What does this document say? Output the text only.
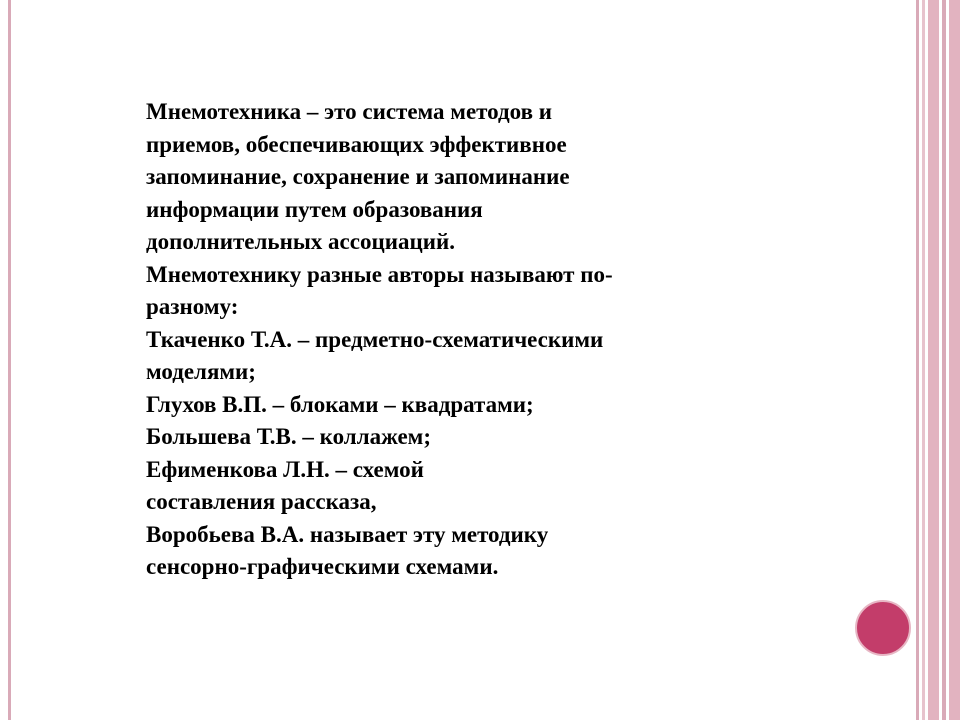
Мнемотехника – это система методов и
приемов, обеспечивающих эффективное
запоминание, сохранение и запоминание
информации путем образования
дополнительных ассоциаций.
Мнемотехнику разные авторы называют по-
разному:
Ткаченко Т.А. – предметно-схематическими
моделями;
Глухов В.П. – блоками – квадратами;
Большева Т.В. – коллажем;
Ефименкова Л.Н. – схемой
составления рассказа,
Воробьева В.А. называет эту методику
сенсорно-графическими схемами.
